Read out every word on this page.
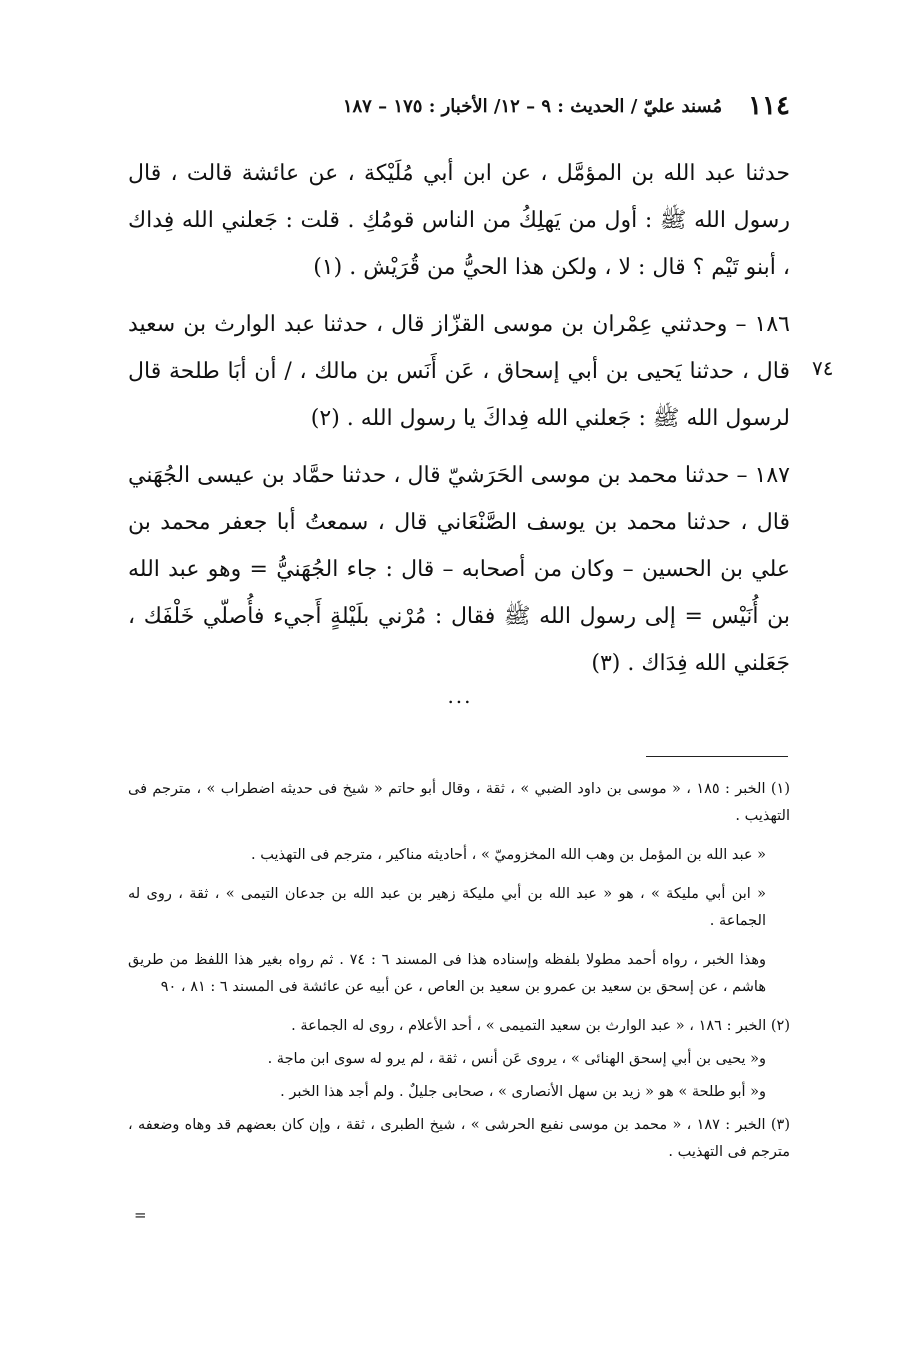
١١٤
مُسند عليّ / الحديث : ٩ – ١٢/ الأخبار : ١٧٥ – ١٨٧

حدثنا عبد الله بن المؤمَّل ، عن ابن أبي مُلَيْكة ، عن عائشة قالت ، قال رسول الله ﷺ : أول من يَهلِكُ من الناس قومُكِ . قلت : جَعلني الله فِداك ، أبنو تَيْم ؟ قال : لا ، ولكن هذا الحيُّ من قُرَيْش . (١)

١٨٦ – وحدثني عِمْران بن موسى القزّاز قال ، حدثنا عبد الوارث بن سعيد قال ، حدثنا يَحيى بن أبي إسحاق ، عَن أَنَس بن مالك ، / أن أبَا طلحة قال لرسول الله ﷺ : جَعلني الله فِداكَ يا رسول الله . (٢)

١٨٧ – حدثنا محمد بن موسى الحَرَشيّ قال ، حدثنا حمَّاد بن عيسى الجُهَني قال ، حدثنا محمد بن يوسف الصَّنْعَاني قال ، سمعتُ أبا جعفر محمد بن علي بن الحسين – وكان من أصحابه – قال : جاء الجُهَنيُّ = وهو عبد الله بن أُنَيْس = إلى رسول الله ﷺ فقال : مُرْني بلَيْلةٍ أَجيء فأُصلّي خَلْفَك ، جَعَلني الله فِدَاك . (٣)

٧٤
...

(١) الخبر : ١٨٥ ، « موسى بن داود الضبي » ، ثقة ، وقال أبو حاتم « شيخ فى حديثه اضطراب » ، مترجم فى التهذيب .

« عبد الله بن المؤمل بن وهب الله المخزوميّ » ، أحاديثه مناكير ، مترجم فى التهذيب .

« ابن أبي مليكة » ، هو « عبد الله بن أبي مليكة زهير بن عبد الله بن جدعان التيمى » ، ثقة ، روى له الجماعة .

وهذا الخبر ، رواه أحمد مطولا بلفظه وإسناده هذا فى المسند ٦ : ٧٤ . ثم رواه بغير هذا اللفظ من طريق هاشم ، عن إسحق بن سعيد بن عمرو بن سعيد بن العاص ، عن أبيه عن عائشة فى المسند ٦ : ٨١ ، ٩٠

(٢) الخبر : ١٨٦ ، « عبد الوارث بن سعيد التميمى » ، أحد الأعلام ، روى له الجماعة .

و« يحيى بن أبي إسحق الهنائى » ، يروى عَن أنس ، ثقة ، لم يرو له سوى ابن ماجة .

و« أبو طلحة » هو « زيد بن سهل الأنصارى » ، صحابى جليلٌ . ولم أجد هذا الخبر .

(٣) الخبر : ١٨٧ ، « محمد بن موسى نفيع الحرشى » ، شيخ الطبرى ، ثقة ، وإن كان بعضهم قد وهاه وضعفه ، مترجم فى التهذيب .

=
